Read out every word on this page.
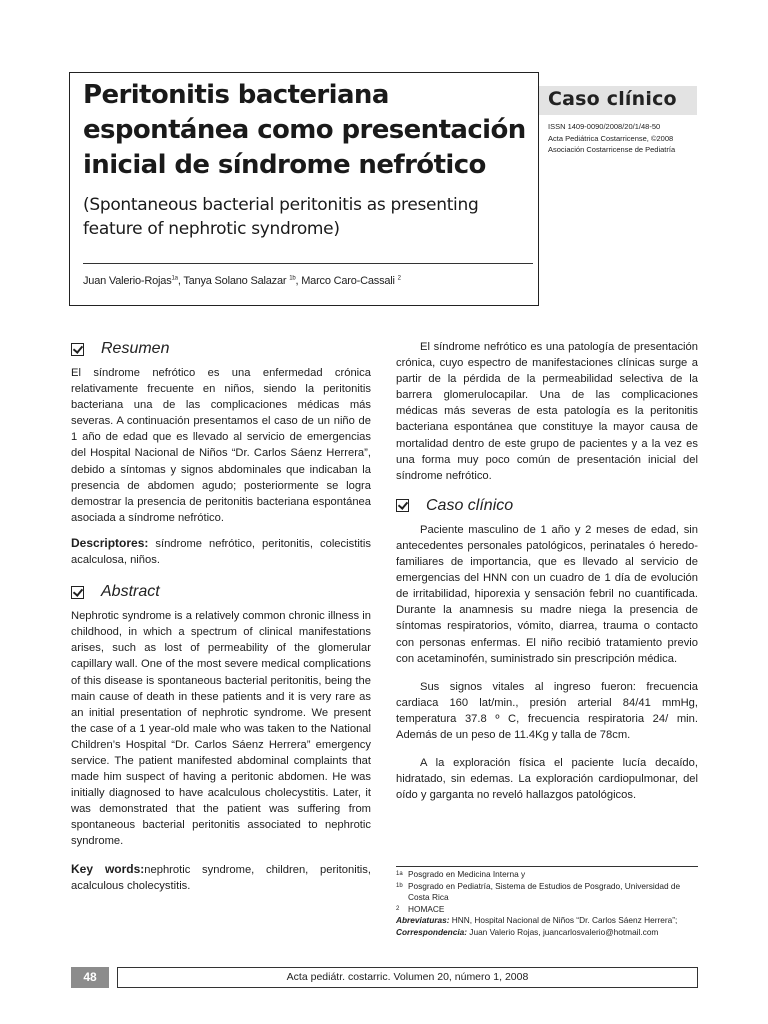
Peritonitis bacteriana
espontánea como presentación
inicial de síndrome nefrótico
(Spontaneous bacterial peritonitis as presenting
feature of nephrotic syndrome)
Juan Valerio-Rojas$^{1a}$, Tanya Solano Salazar $^{1b}$, Marco Caro-Cassali $^2$
Caso clínico
ISSN 1409-0090/2008/20/1/48-50
Acta Pediátrica Costarricense, ©2008
Asociación Costarricense de Pediatría
Resumen

El síndrome nefrótico es una enfermedad crónica relativamente frecuente en niños, siendo la peritonitis bacteriana una de las complicaciones médicas más severas. A continuación presentamos el caso de un niño de 1 año de edad que es llevado al servicio de emergencias del Hospital Nacional de Niños “Dr. Carlos Sáenz Herrera”, debido a síntomas y signos abdominales que indicaban la presencia de abdomen agudo; posteriormente se logra demostrar la presencia de peritonitis bacteriana espontánea asociada a síndrome nefrótico.

Descriptores: síndrome nefrótico, peritonitis, colecistitis acalculosa, niños.

Abstract

Nephrotic syndrome is a relatively common chronic illness in childhood, in which a spectrum of clinical manifestations arises, such as lost of permeability of the glomerular capillary wall. One of the most severe medical complications of this disease is spontaneous bacterial peritonitis, being the main cause of death in these patients and it is very rare as an initial presentation of nephrotic syndrome. We present the case of a 1 year-old male who was taken to the National Children’s Hospital “Dr. Carlos Sáenz Herrera” emergency service. The patient manifested abdominal complaints that made him suspect of having a peritonic abdomen. He was initially diagnosed to have acalculous cholecystitis. Later, it was demonstrated that the patient was suffering from spontaneous bacterial peritonitis associated to nephrotic syndrome.

Key words:nephrotic syndrome, children, peritonitis, acalculous cholecystitis.

El síndrome nefrótico es una patología de presentación crónica, cuyo espectro de manifestaciones clínicas surge a partir de la pérdida de la permeabilidad selectiva de la barrera glomerulocapilar. Una de las complicaciones médicas más severas de esta patología es la peritonitis bacteriana espontánea que constituye la mayor causa de mortalidad dentro de este grupo de pacientes y a la vez es una forma muy poco común de presentación inicial del síndrome nefrótico.

Caso clínico

Paciente masculino de 1 año y 2 meses de edad, sin antecedentes personales patológicos, perinatales ó heredo-familiares de importancia, que es llevado al servicio de emergencias del HNN con un cuadro de 1 día de evolución de irritabilidad, hiporexia y sensación febril no cuantificada. Durante la anamnesis su madre niega la presencia de síntomas respiratorios, vómito, diarrea, trauma o contacto con personas enfermas. El niño recibió tratamiento previo con acetaminofén, suministrado sin prescripción médica.

Sus signos vitales al ingreso fueron: frecuencia cardiaca 160 lat/min., presión arterial 84/41 mmHg, temperatura 37.8 º C, frecuencia respiratoria 24/ min. Además de un peso de 11.4Kg y talla de 78cm.

A la exploración física el paciente lucía decaído, hidratado, sin edemas. La exploración cardiopulmonar, del oído y garganta no reveló hallazgos patológicos.

1a Posgrado en Medicina Interna y
1b Posgrado en Pediatría, Sistema de Estudios de Posgrado, Universidad de Costa Rica
2	HOMACE
Abreviaturas: HNN, Hospital Nacional de Niños “Dr. Carlos Sáenz Herrera”;
Correspondencia: Juan Valerio Rojas, juancarlosvalerio@hotmail.com
48	Acta pediátr. costarric. Volumen 20, número 1, 2008
